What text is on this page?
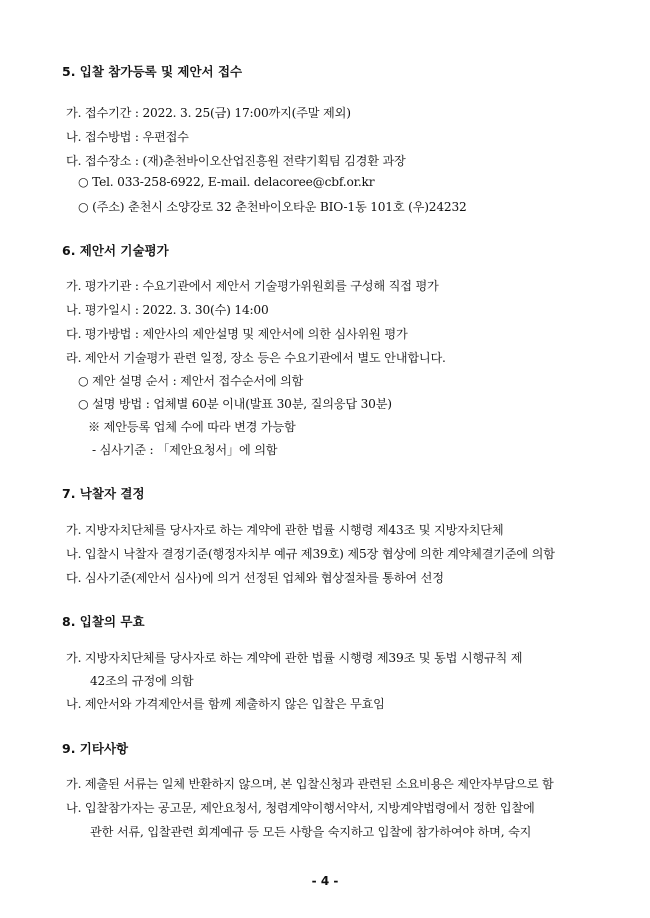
5. 입찰 참가등록 및 제안서 접수
가. 접수기간 : 2022. 3. 25(금) 17:00까지(주말 제외)
나. 접수방법 : 우편접수
다. 접수장소 : (재)춘천바이오산업진흥원 전략기획팀 김경환 과장
○ Tel. 033-258-6922, E-mail. delacoree@cbf.or.kr
○ (주소) 춘천시 소양강로 32 춘천바이오타운 BIO-1동 101호 (우)24232
6. 제안서 기술평가
가. 평가기관 : 수요기관에서 제안서 기술평가위원회를 구성해 직접 평가
나. 평가일시 : 2022. 3. 30(수) 14:00
다. 평가방법 : 제안사의 제안설명 및 제안서에 의한 심사위원 평가
라. 제안서 기술평가 관련 일정, 장소 등은 수요기관에서 별도 안내합니다.
○ 제안 설명 순서 : 제안서 접수순서에 의함
○ 설명 방법 : 업체별 60분 이내(발표 30분, 질의응답 30분)
※ 제안등록 업체 수에 따라 변경 가능함
- 심사기준 : 「제안요청서」에 의함
7. 낙찰자 결정
가. 지방자치단체를 당사자로 하는 계약에 관한 법률 시행령 제43조 및 지방자치단체
나. 입찰시 낙찰자 결정기준(행정자치부 예규 제39호) 제5장 협상에 의한 계약체결기준에 의함
다. 심사기준(제안서 심사)에 의거 선정된 업체와 협상절차를 통하여 선정
8. 입찰의 무효
가. 지방자치단체를 당사자로 하는 계약에 관한 법률 시행령 제39조 및 동법 시행규칙 제
42조의 규정에 의함
나. 제안서와 가격제안서를 함께 제출하지 않은 입찰은 무효임
9. 기타사항
가. 제출된 서류는 일체 반환하지 않으며, 본 입찰신청과 관련된 소요비용은 제안자부담으로 함
나. 입찰참가자는 공고문, 제안요청서, 청렴계약이행서약서, 지방계약법령에서 정한 입찰에
관한 서류, 입찰관련 회계예규 등 모든 사항을 숙지하고 입찰에 참가하여야 하며, 숙지
- 4 -
